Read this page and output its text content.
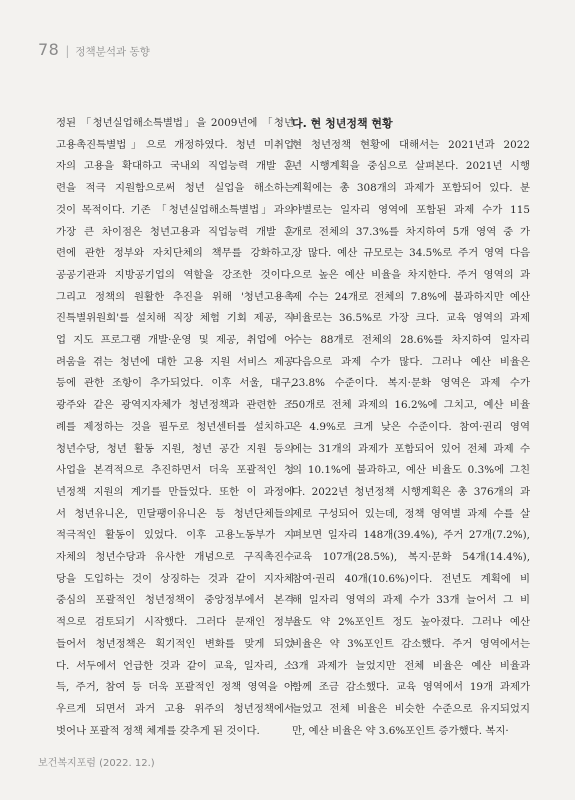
78 | 정책분석과 동향
정된 「청년실업해소특별법」을 2009년에 「청년
고용촉진특별법」으로 개정하였다. 청년 미취업
자의 고용을 확대하고 국내외 직업능력 개발 훈
련을 적극 지원함으로써 청년 실업을 해소하는
것이 목적이다. 기존 「청년실업해소특별법」과의
가장 큰 차이점은 청년고용과 직업능력 개발 훈
련에 관한 정부와 자치단체의 책무를 강화하고,
공공기관과 지방공기업의 역할을 강조한 것이다.
그리고 정책의 원활한 추진을 위해 '청년고용촉
진특별위원회'를 설치해 직장 체험 기회 제공, 직
업 지도 프로그램 개발·운영 및 제공, 취업에 어
려움을 겪는 청년에 대한 고용 지원 서비스 제공
등에 관한 조항이 추가되었다. 이후 서울, 대구,
광주와 같은 광역지자체가 청년정책과 관련한 조
례를 제정하는 것을 필두로 청년센터를 설치하고
청년수당, 청년 활동 지원, 청년 공간 지원 등의
사업을 본격적으로 추진하면서 더욱 포괄적인 청
년정책 지원의 계기를 만들었다. 또한 이 과정에
서 청년유니온, 민달팽이유니온 등 청년단체들의
적극적인 활동이 있었다. 이후 고용노동부가 지
자체의 청년수당과 유사한 개념으로 구직촉진수
당을 도입하는 것이 상징하는 것과 같이 지자체
중심의 포괄적인 청년정책이 중앙정부에서 본격
적으로 검토되기 시작했다. 그러다 문재인 정부
들어서 청년정책은 획기적인 변화를 맞게 되었
다. 서두에서 언급한 것과 같이 교육, 일자리, 소
득, 주거, 참여 등 더욱 포괄적인 정책 영역을 아
우르게 되면서 과거 고용 위주의 청년정책에서
벗어나 포괄적 정책 체계를 갖추게 된 것이다.
다. 현 청년정책 현황
현 청년정책 현황에 대해서는 2021년과 2022
년 시행계획을 중심으로 살펴본다. 2021년 시행
계획에는 총 308개의 과제가 포함되어 있다. 분
야별로는 일자리 영역에 포함된 과제 수가 115
개로 전체의 37.3%를 차지하여 5개 영역 중 가
장 많다. 예산 규모로는 34.5%로 주거 영역 다음
으로 높은 예산 비율을 차지한다. 주거 영역의 과
제 수는 24개로 전체의 7.8%에 불과하지만 예산
비율로는 36.5%로 가장 크다. 교육 영역의 과제
수는 88개로 전체의 28.6%를 차지하여 일자리
다음으로 과제 수가 많다. 그러나 예산 비율은
23.8% 수준이다. 복지·문화 영역은 과제 수가
50개로 전체 과제의 16.2%에 그치고, 예산 비율
은 4.9%로 크게 낮은 수준이다. 참여·권리 영역
에는 31개의 과제가 포함되어 있어 전체 과제 수
의 10.1%에 불과하고, 예산 비율도 0.3%에 그친
다. 2022년 청년정책 시행계획은 총 376개의 과
제로 구성되어 있는데, 정책 영역별 과제 수를 살
펴보면 일자리 148개(39.4%), 주거 27개(7.2%),
교육 107개(28.5%), 복지·문화 54개(14.4%),
참여·권리 40개(10.6%)이다. 전년도 계획에 비
해 일자리 영역의 과제 수가 33개 늘어서 그 비
율도 약 2%포인트 정도 높아졌다. 그러나 예산
비율은 약 3%포인트 감소했다. 주거 영역에서는
3개 과제가 늘었지만 전체 비율은 예산 비율과
함께 조금 감소했다. 교육 영역에서 19개 과제가
늘었고 전체 비율은 비슷한 수준으로 유지되었지
만, 예산 비율은 약 3.6%포인트 증가했다. 복지·
보건복지포럼 (2022. 12.)
